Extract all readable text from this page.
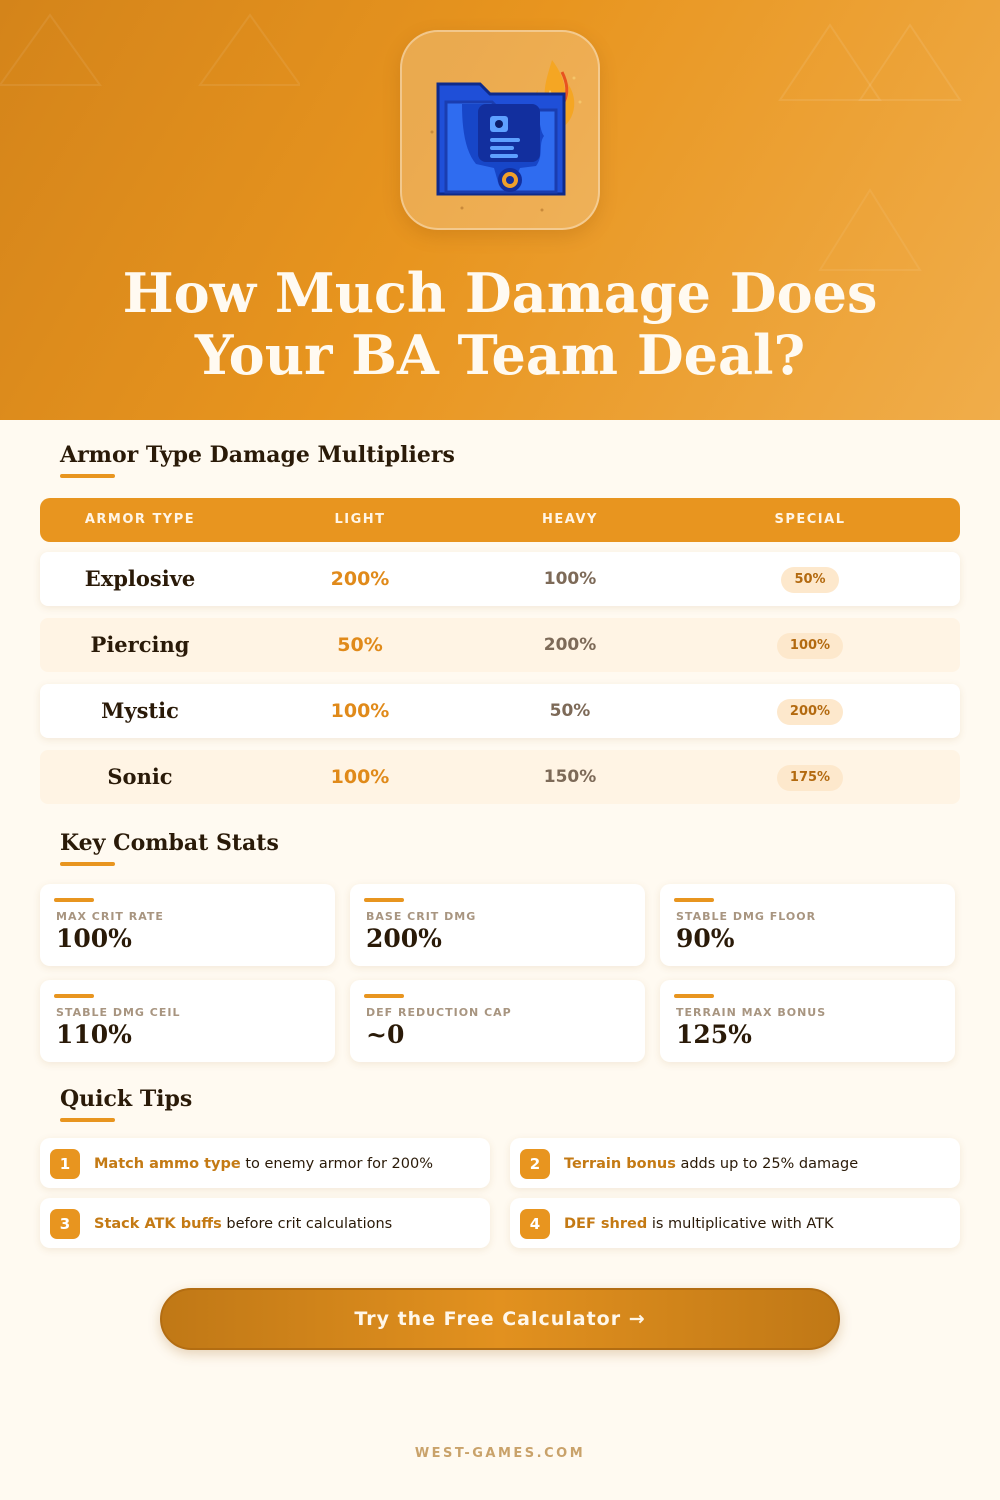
How Much Damage Does
Your BA Team Deal?
Armor Type Damage Multipliers
ARMOR TYPE	LIGHT	HEAVY	SPECIAL
Explosive	200%	100%	50%
Piercing	50%	200%	100%
Mystic	100%	50%	200%
Sonic	100%	150%	175%
Key Combat Stats
MAX CRIT RATE
100%
BASE CRIT DMG
200%
STABLE DMG FLOOR
90%
STABLE DMG CEIL
110%
DEF REDUCTION CAP
~0
TERRAIN MAX BONUS
125%
Quick Tips
1	Match ammo type to enemy armor for 200%	2	Terrain bonus adds up to 25% damage
3	Stack ATK buffs before crit calculations	4	DEF shred is multiplicative with ATK
Try the Free Calculator →
WEST-GAMES.COM
